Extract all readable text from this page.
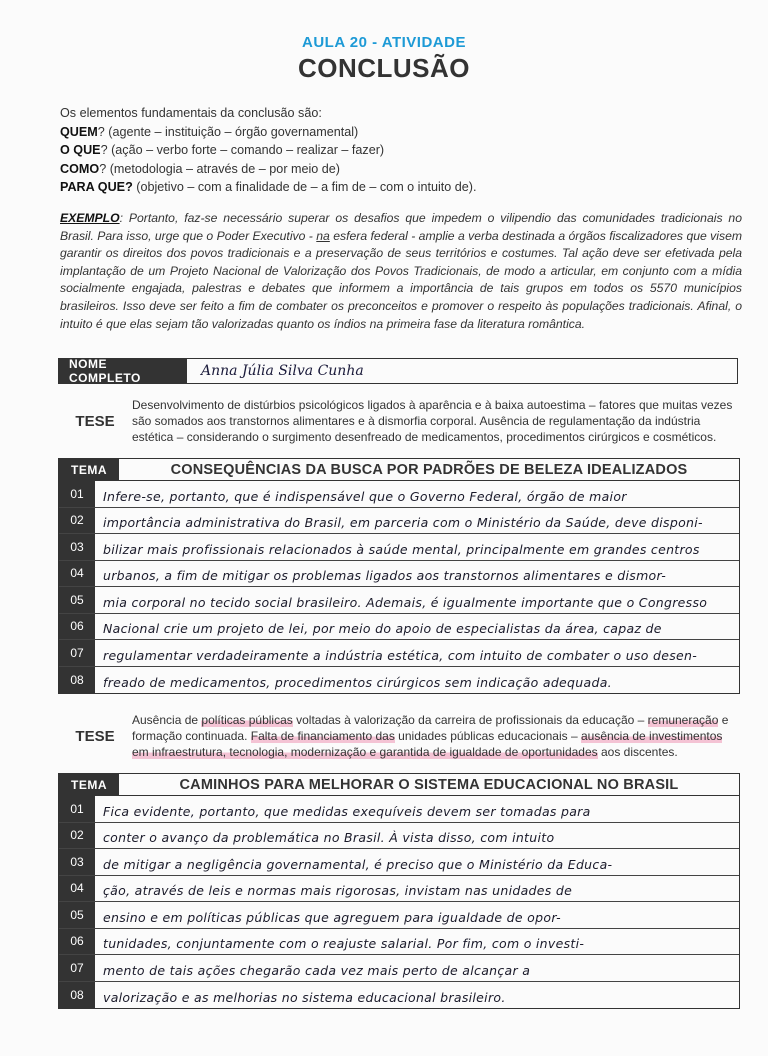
AULA 20 - ATIVIDADE
CONCLUSÃO
Os elementos fundamentais da conclusão são:
QUEM? (agente – instituição – órgão governamental)
O QUE? (ação – verbo forte – comando – realizar – fazer)
COMO? (metodologia – através de – por meio de)
PARA QUE? (objetivo – com a finalidade de – a fim de – com o intuito de).
EXEMPLO: Portanto, faz-se necessário superar os desafios que impedem o vilipendio das comunidades tradicionais no Brasil. Para isso, urge que o Poder Executivo - na esfera federal - amplie a verba destinada a órgãos fiscalizadores que visem garantir os direitos dos povos tradicionais e a preservação de seus territórios e costumes. Tal ação deve ser efetivada pela implantação de um Projeto Nacional de Valorização dos Povos Tradicionais, de modo a articular, em conjunto com a mídia socialmente engajada, palestras e debates que informem a importância de tais grupos em todos os 5570 municípios brasileiros. Isso deve ser feito a fim de combater os preconceitos e promover o respeito às populações tradicionais. Afinal, o intuito é que elas sejam tão valorizadas quanto os índios na primeira fase da literatura romântica.
NOME COMPLETO	Anna Júlia Silva Cunha
TESE
Desenvolvimento de distúrbios psicológicos ligados à aparência e à baixa autoestima – fatores que muitas vezes são somados aos transtornos alimentares e à dismorfia corporal. Ausência de regulamentação da indústria estética – considerando o surgimento desenfreado de medicamentos, procedimentos cirúrgicos e cosméticos.
TEMA	CONSEQUÊNCIAS DA BUSCA POR PADRÕES DE BELEZA IDEALIZADOS
01	Infere-se, portanto, que é indispensável que o Governo Federal, órgão de maior
02	importância administrativa do Brasil, em parceria com o Ministério da Saúde, deve disponi-
03	bilizar mais profissionais relacionados à saúde mental, principalmente em grandes centros
04	urbanos, a fim de mitigar os problemas ligados aos transtornos alimentares e dismor-
05	mia corporal no tecido social brasileiro. Ademais, é igualmente importante que o Congresso
06	Nacional crie um projeto de lei, por meio do apoio de especialistas da área, capaz de
07	regulamentar verdadeiramente a indústria estética, com intuito de combater o uso desen-
08	freado de medicamentos, procedimentos cirúrgicos sem indicação adequada.
TESE
Ausência de políticas públicas voltadas à valorização da carreira de profissionais da educação – remuneração e formação continuada. Falta de financiamento das unidades públicas educacionais – ausência de investimentos em infraestrutura, tecnologia, modernização e garantida de igualdade de oportunidades aos discentes.
TEMA	CAMINHOS PARA MELHORAR O SISTEMA EDUCACIONAL NO BRASIL
01	Fica evidente, portanto, que medidas exequíveis devem ser tomadas para
02	conter o avanço da problemática no Brasil. À vista disso, com intuito
03	de mitigar a negligência governamental, é preciso que o Ministério da Educa-
04	ção, através de leis e normas mais rigorosas, invistam nas unidades de
05	ensino e em políticas públicas que agreguem para igualdade de opor-
06	tunidades, conjuntamente com o reajuste salarial. Por fim, com o investi-
07	mento de tais ações chegarão cada vez mais perto de alcançar a
08	valorização e as melhorias no sistema educacional brasileiro.
